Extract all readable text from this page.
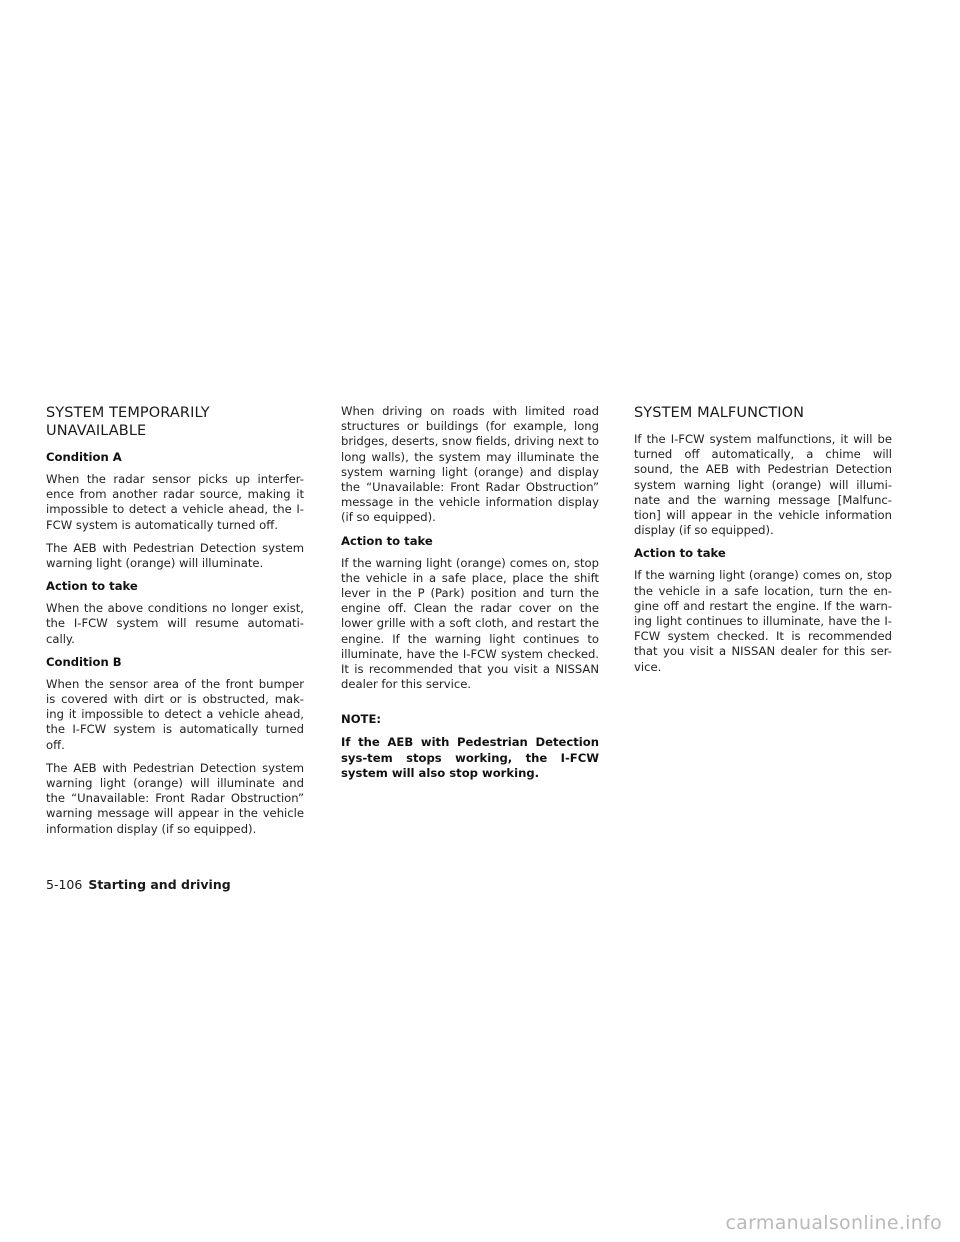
SYSTEM TEMPORARILY
UNAVAILABLE

Condition A

When the radar sensor picks up interfer-ence from another radar source, making it impossible to detect a vehicle ahead, the I-FCW system is automatically turned off.

The AEB with Pedestrian Detection system warning light (orange) will illuminate.

Action to take

When the above conditions no longer exist, the I-FCW system will resume automati-cally.

Condition B

When the sensor area of the front bumper is covered with dirt or is obstructed, mak-ing it impossible to detect a vehicle ahead, the I-FCW system is automatically turned off.

The AEB with Pedestrian Detection system warning light (orange) will illuminate and the “Unavailable: Front Radar Obstruction” warning message will appear in the vehicle information display (if so equipped).

When driving on roads with limited road structures or buildings (for example, long bridges, deserts, snow fields, driving next to long walls), the system may illuminate the system warning light (orange) and display the “Unavailable: Front Radar Obstruction” message in the vehicle information display (if so equipped).

Action to take

If the warning light (orange) comes on, stop the vehicle in a safe place, place the shift lever in the P (Park) position and turn the engine off. Clean the radar cover on the lower grille with a soft cloth, and restart the engine. If the warning light continues to illuminate, have the I-FCW system checked. It is recommended that you visit a NISSAN dealer for this service.

NOTE:

If the AEB with Pedestrian Detection sys-tem stops working, the I-FCW system will also stop working.

SYSTEM MALFUNCTION

If the I-FCW system malfunctions, it will be turned off automatically, a chime will sound, the AEB with Pedestrian Detection system warning light (orange) will illumi-nate and the warning message [Malfunc-tion] will appear in the vehicle information display (if so equipped).

Action to take

If the warning light (orange) comes on, stop the vehicle in a safe location, turn the en-gine off and restart the engine. If the warn-ing light continues to illuminate, have the I-FCW system checked. It is recommended that you visit a NISSAN dealer for this ser-vice.

5-106 Starting and driving
carmanualsonline.info
